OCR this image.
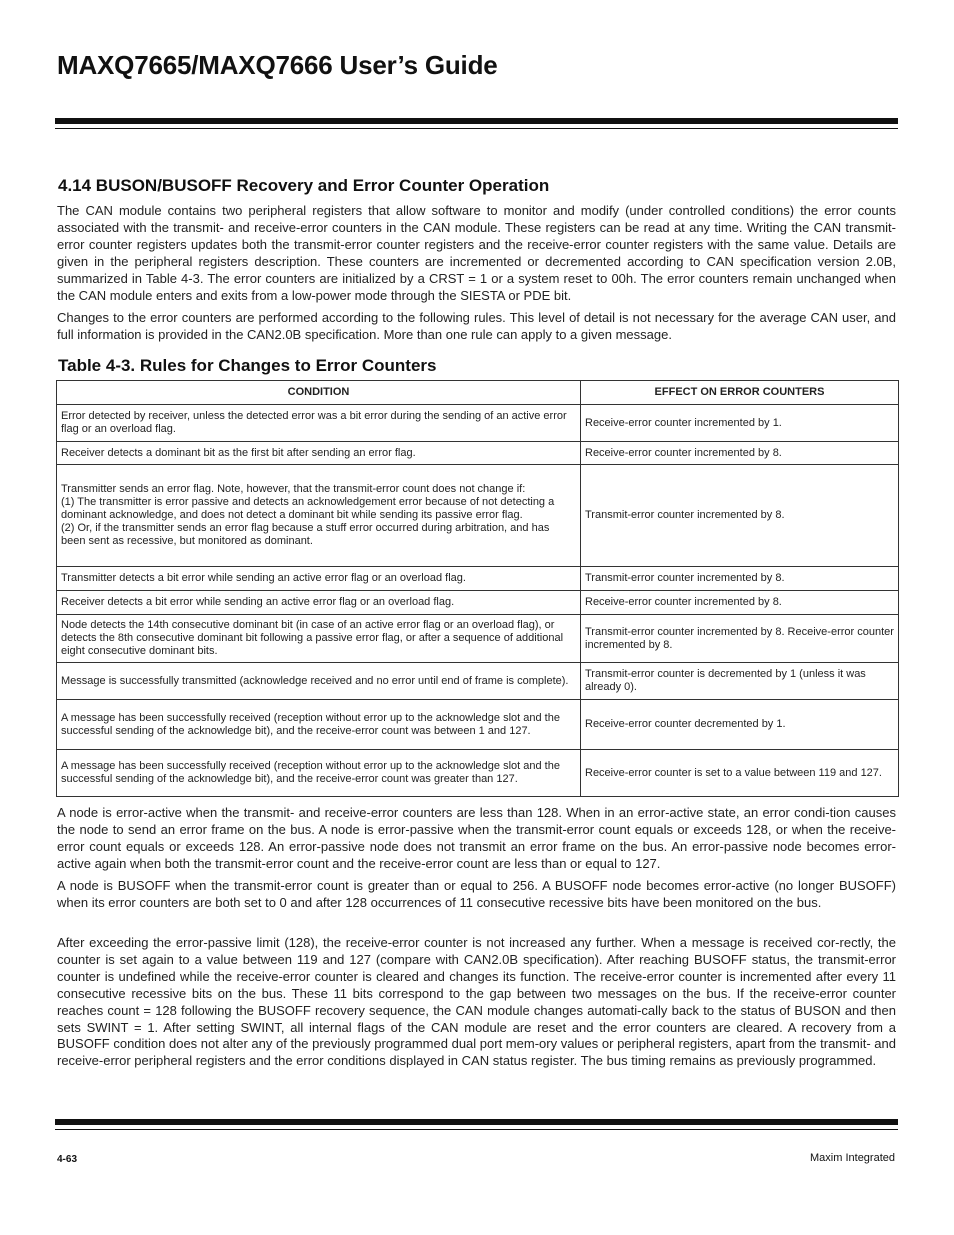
MAXQ7665/MAXQ7666 User’s Guide
4.14 BUSON/BUSOFF Recovery and Error Counter Operation

The CAN module contains two peripheral registers that allow software to monitor and modify (under controlled conditions) the error counts associated with the transmit- and receive-error counters in the CAN module. These registers can be read at any time. Writing the CAN transmit-error counter registers updates both the transmit-error counter registers and the receive-error counter registers with the same value. Details are given in the peripheral registers description. These counters are incremented or decremented according to CAN specification version 2.0B, summarized in Table 4-3. The error counters are initialized by a CRST = 1 or a system reset to 00h. The error counters remain unchanged when the CAN module enters and exits from a low-power mode through the SIESTA or PDE bit.

Changes to the error counters are performed according to the following rules. This level of detail is not necessary for the average CAN user, and full information is provided in the CAN2.0B specification. More than one rule can apply to a given message.

Table 4-3. Rules for Changes to Error Counters
CONDITION	EFFECT ON ERROR COUNTERS
Error detected by receiver, unless the detected error was a bit error during the sending of an active error flag or an overload flag.	Receive-error counter incremented by 1.
Receiver detects a dominant bit as the first bit after sending an error flag.	Receive-error counter incremented by 8.
Transmitter sends an error flag. Note, however, that the transmit-error count does not change if:
(1) The transmitter is error passive and detects an acknowledgement error because of not detecting a dominant acknowledge, and does not detect a dominant bit while sending its passive error flag.
(2) Or, if the transmitter sends an error flag because a stuff error occurred during arbitration, and has been sent as recessive, but monitored as dominant.	Transmit-error counter incremented by 8.
Transmitter detects a bit error while sending an active error flag or an overload flag.	Transmit-error counter incremented by 8.
Receiver detects a bit error while sending an active error flag or an overload flag.	Receive-error counter incremented by 8.
Node detects the 14th consecutive dominant bit (in case of an active error flag or an overload flag), or detects the 8th consecutive dominant bit following a passive error flag, or after a sequence of additional eight consecutive dominant bits.	Transmit-error counter incremented by 8. Receive-error counter incremented by 8.
Message is successfully transmitted (acknowledge received and no error until end of frame is complete).	Transmit-error counter is decremented by 1 (unless it was already 0).
A message has been successfully received (reception without error up to the acknowledge slot and the successful sending of the acknowledge bit), and the receive-error count was between 1 and 127.	Receive-error counter decremented by 1.
A message has been successfully received (reception without error up to the acknowledge slot and the successful sending of the acknowledge bit), and the receive-error count was greater than 127.	Receive-error counter is set to a value between 119 and 127.

A node is error-active when the transmit- and receive-error counters are less than 128. When in an error-active state, an error condi-tion causes the node to send an error frame on the bus. A node is error-passive when the transmit-error count equals or exceeds 128, or when the receive-error count equals or exceeds 128. An error-passive node does not transmit an error frame on the bus. An error-passive node becomes error-active again when both the transmit-error count and the receive-error count are less than or equal to 127.

A node is BUSOFF when the transmit-error count is greater than or equal to 256. A BUSOFF node becomes error-active (no longer BUSOFF) when its error counters are both set to 0 and after 128 occurrences of 11 consecutive recessive bits have been monitored on the bus.

After exceeding the error-passive limit (128), the receive-error counter is not increased any further. When a message is received cor-rectly, the counter is set again to a value between 119 and 127 (compare with CAN2.0B specification). After reaching BUSOFF status, the transmit-error counter is undefined while the receive-error counter is cleared and changes its function. The receive-error counter is incremented after every 11 consecutive recessive bits on the bus. These 11 bits correspond to the gap between two messages on the bus. If the receive-error counter reaches count = 128 following the BUSOFF recovery sequence, the CAN module changes automati-cally back to the status of BUSON and then sets SWINT = 1. After setting SWINT, all internal flags of the CAN module are reset and the error counters are cleared. A recovery from a BUSOFF condition does not alter any of the previously programmed dual port mem-ory values or peripheral registers, apart from the transmit- and receive-error peripheral registers and the error conditions displayed in CAN status register. The bus timing remains as previously programmed.

4-63	Maxim Integrated
